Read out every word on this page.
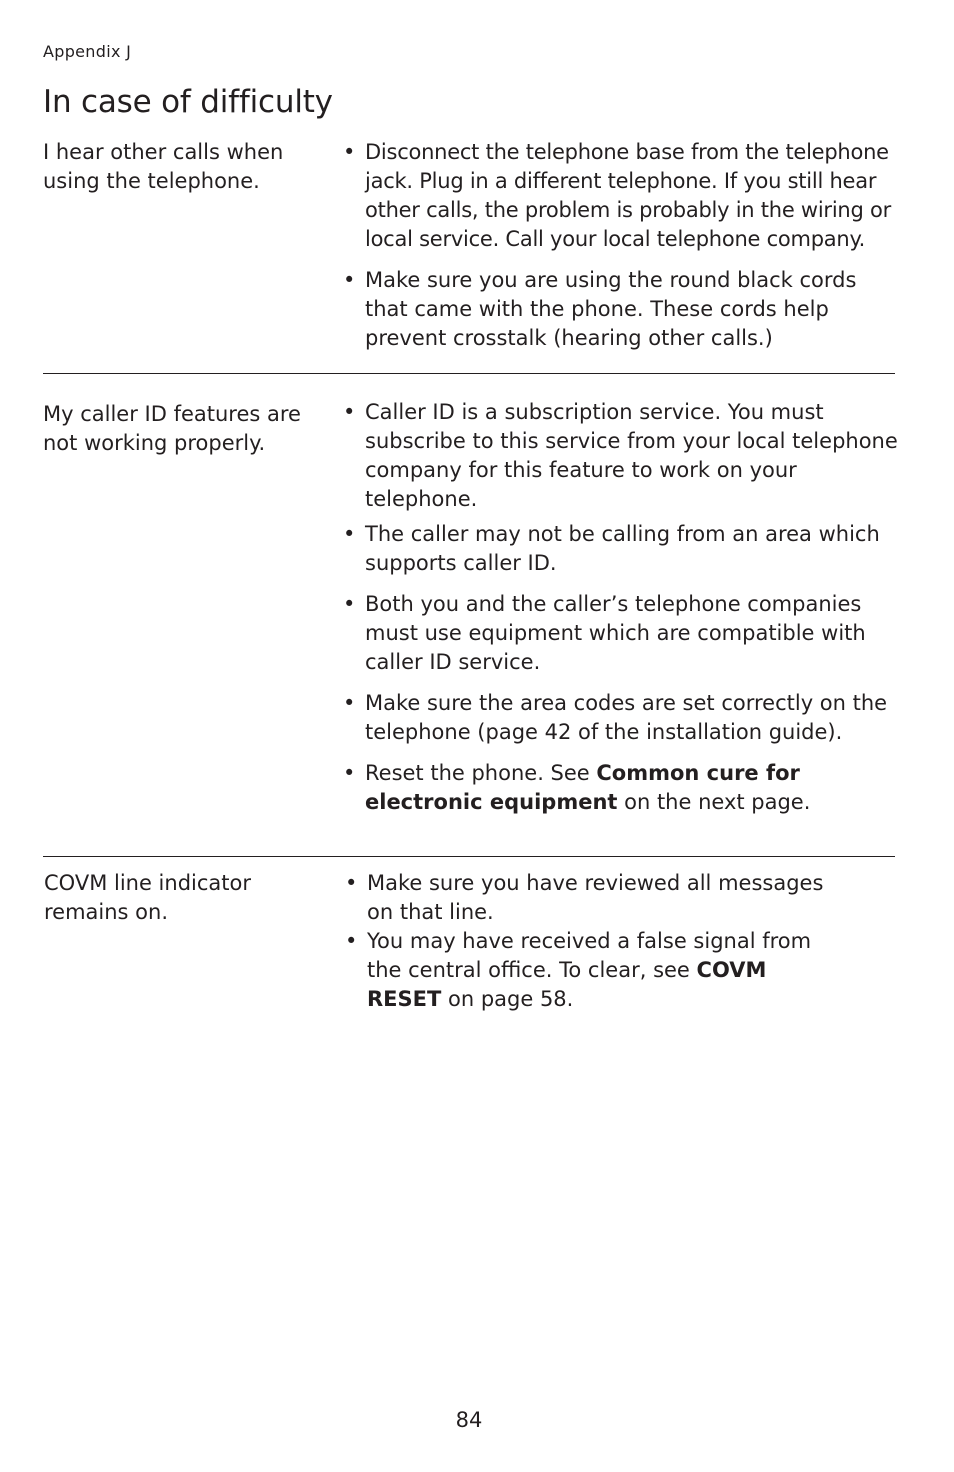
Appendix J
In case of difficulty
I hear other calls when using the telephone.
• Disconnect the telephone base from the telephone jack. Plug in a different telephone. If you still hear other calls, the problem is probably in the wiring or local service. Call your local telephone company.
• Make sure you are using the round black cords that came with the phone. These cords help prevent crosstalk (hearing other calls.)
My caller ID features are not working properly.
• Caller ID is a subscription service. You must subscribe to this service from your local telephone company for this feature to work on your telephone.
• The caller may not be calling from an area which supports caller ID.
• Both you and the caller’s telephone companies must use equipment which are compatible with caller ID service.
• Make sure the area codes are set correctly on the telephone (page 42 of the installation guide).
• Reset the phone. See Common cure for electronic equipment on the next page.
COVM line indicator remains on.
• Make sure you have reviewed all messages on that line.
• You may have received a false signal from the central office. To clear, see COVM RESET on page 58.
84
